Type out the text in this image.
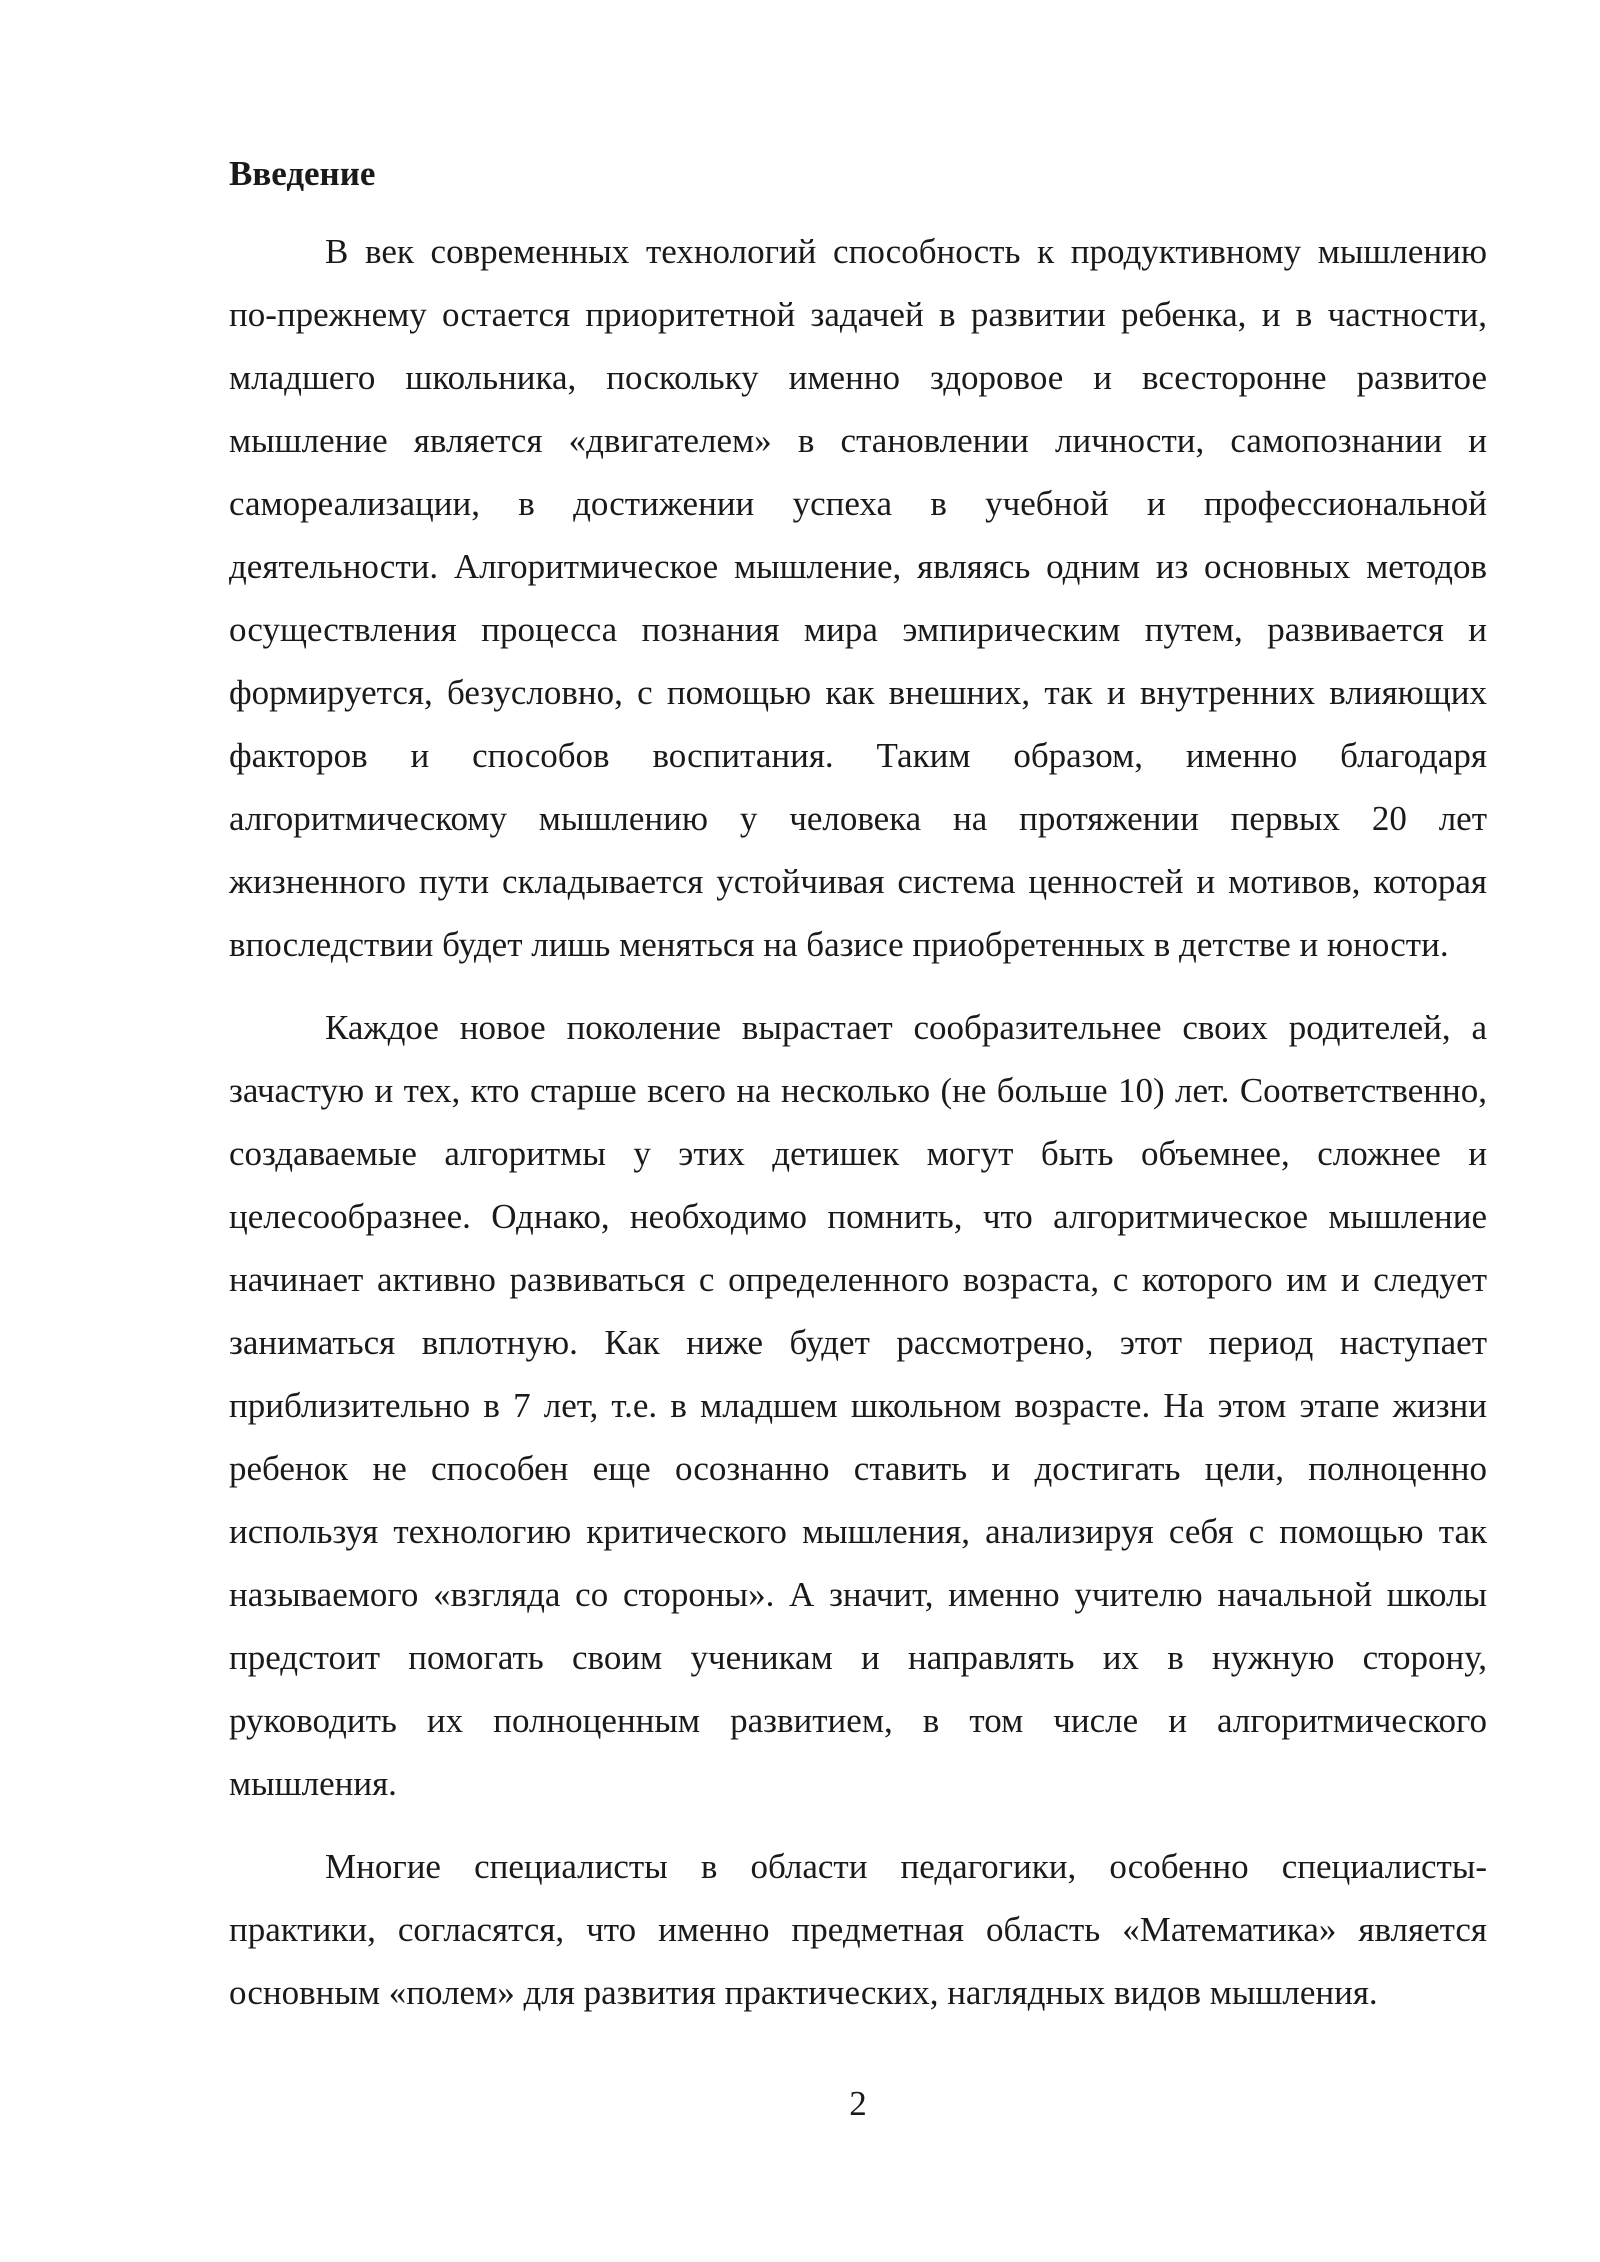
Введение

В век современных технологий способность к продуктивному мышлению по-прежнему остается приоритетной задачей в развитии ребенка, и в частности, младшего школьника, поскольку именно здоровое и всесторонне развитое мышление является «двигателем» в становлении личности, самопознании и самореализации, в достижении успеха в учебной и профессиональной деятельности. Алгоритмическое мышление, являясь одним из основных методов осуществления процесса познания мира эмпирическим путем, развивается и формируется, безусловно, с помощью как внешних, так и внутренних влияющих факторов и способов воспитания. Таким образом, именно благодаря алгоритмическому мышлению у человека на протяжении первых 20 лет жизненного пути складывается устойчивая система ценностей и мотивов, которая впоследствии будет лишь меняться на базисе приобретенных в детстве и юности.

Каждое новое поколение вырастает сообразительнее своих родителей, а зачастую и тех, кто старше всего на несколько (не больше 10) лет. Соответственно, создаваемые алгоритмы у этих детишек могут быть объемнее, сложнее и целесообразнее. Однако, необходимо помнить, что алгоритмическое мышление начинает активно развиваться с определенного возраста, с которого им и следует заниматься вплотную. Как ниже будет рассмотрено, этот период наступает приблизительно в 7 лет, т.е. в младшем школьном возрасте. На этом этапе жизни ребенок не способен еще осознанно ставить и достигать цели, полноценно используя технологию критического мышления, анализируя себя с помощью так называемого «взгляда со стороны». А значит, именно учителю начальной школы предстоит помогать своим ученикам и направлять их в нужную сторону, руководить их полноценным развитием, в том числе и алгоритмического мышления.

Многие специалисты в области педагогики, особенно специалисты-практики, согласятся, что именно предметная область «Математика» является основным «полем» для развития практических, наглядных видов мышления.

2
